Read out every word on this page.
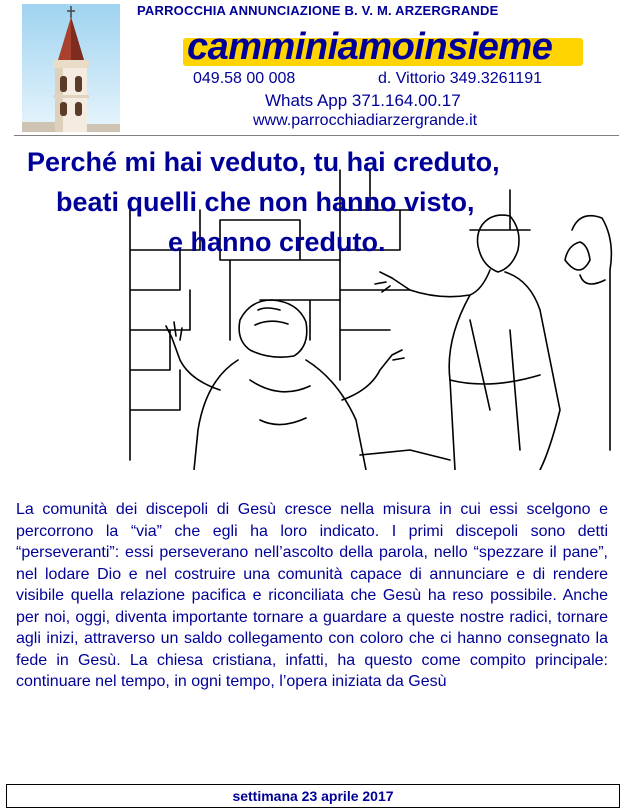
PARROCCHIA ANNUNCIAZIONE B. V. M. ARZERGRANDE
camminiamoinsieme
049.58 00 008	d. Vittorio 349.3261191
Whats App 371.164.00.17
www.parrocchiadiarzergrande.it
Perché mi hai veduto, tu hai creduto,
beati quelli che non hanno visto,
e hanno creduto.
La comunità dei discepoli di Gesù cresce nella misura in cui essi scelgono e percorrono la “via” che egli ha loro indicato. I primi discepoli sono detti “perseveranti”: essi perseverano nell’ascolto della parola, nello “spezzare il pane”, nel lodare Dio e nel costruire una comunità capace di annunciare e di rendere visibile quella relazione pacifica e riconciliata che Gesù ha reso possibile. Anche per noi, oggi, diventa importante tornare a guardare a queste nostre radici, tornare agli inizi, attraverso un saldo collegamento con coloro che ci hanno consegnato la fede in Gesù. La chiesa cristiana, infatti, ha questo come compito principale: continuare nel tempo, in ogni tempo, l’opera iniziata da Gesù
settimana 23 aprile 2017
